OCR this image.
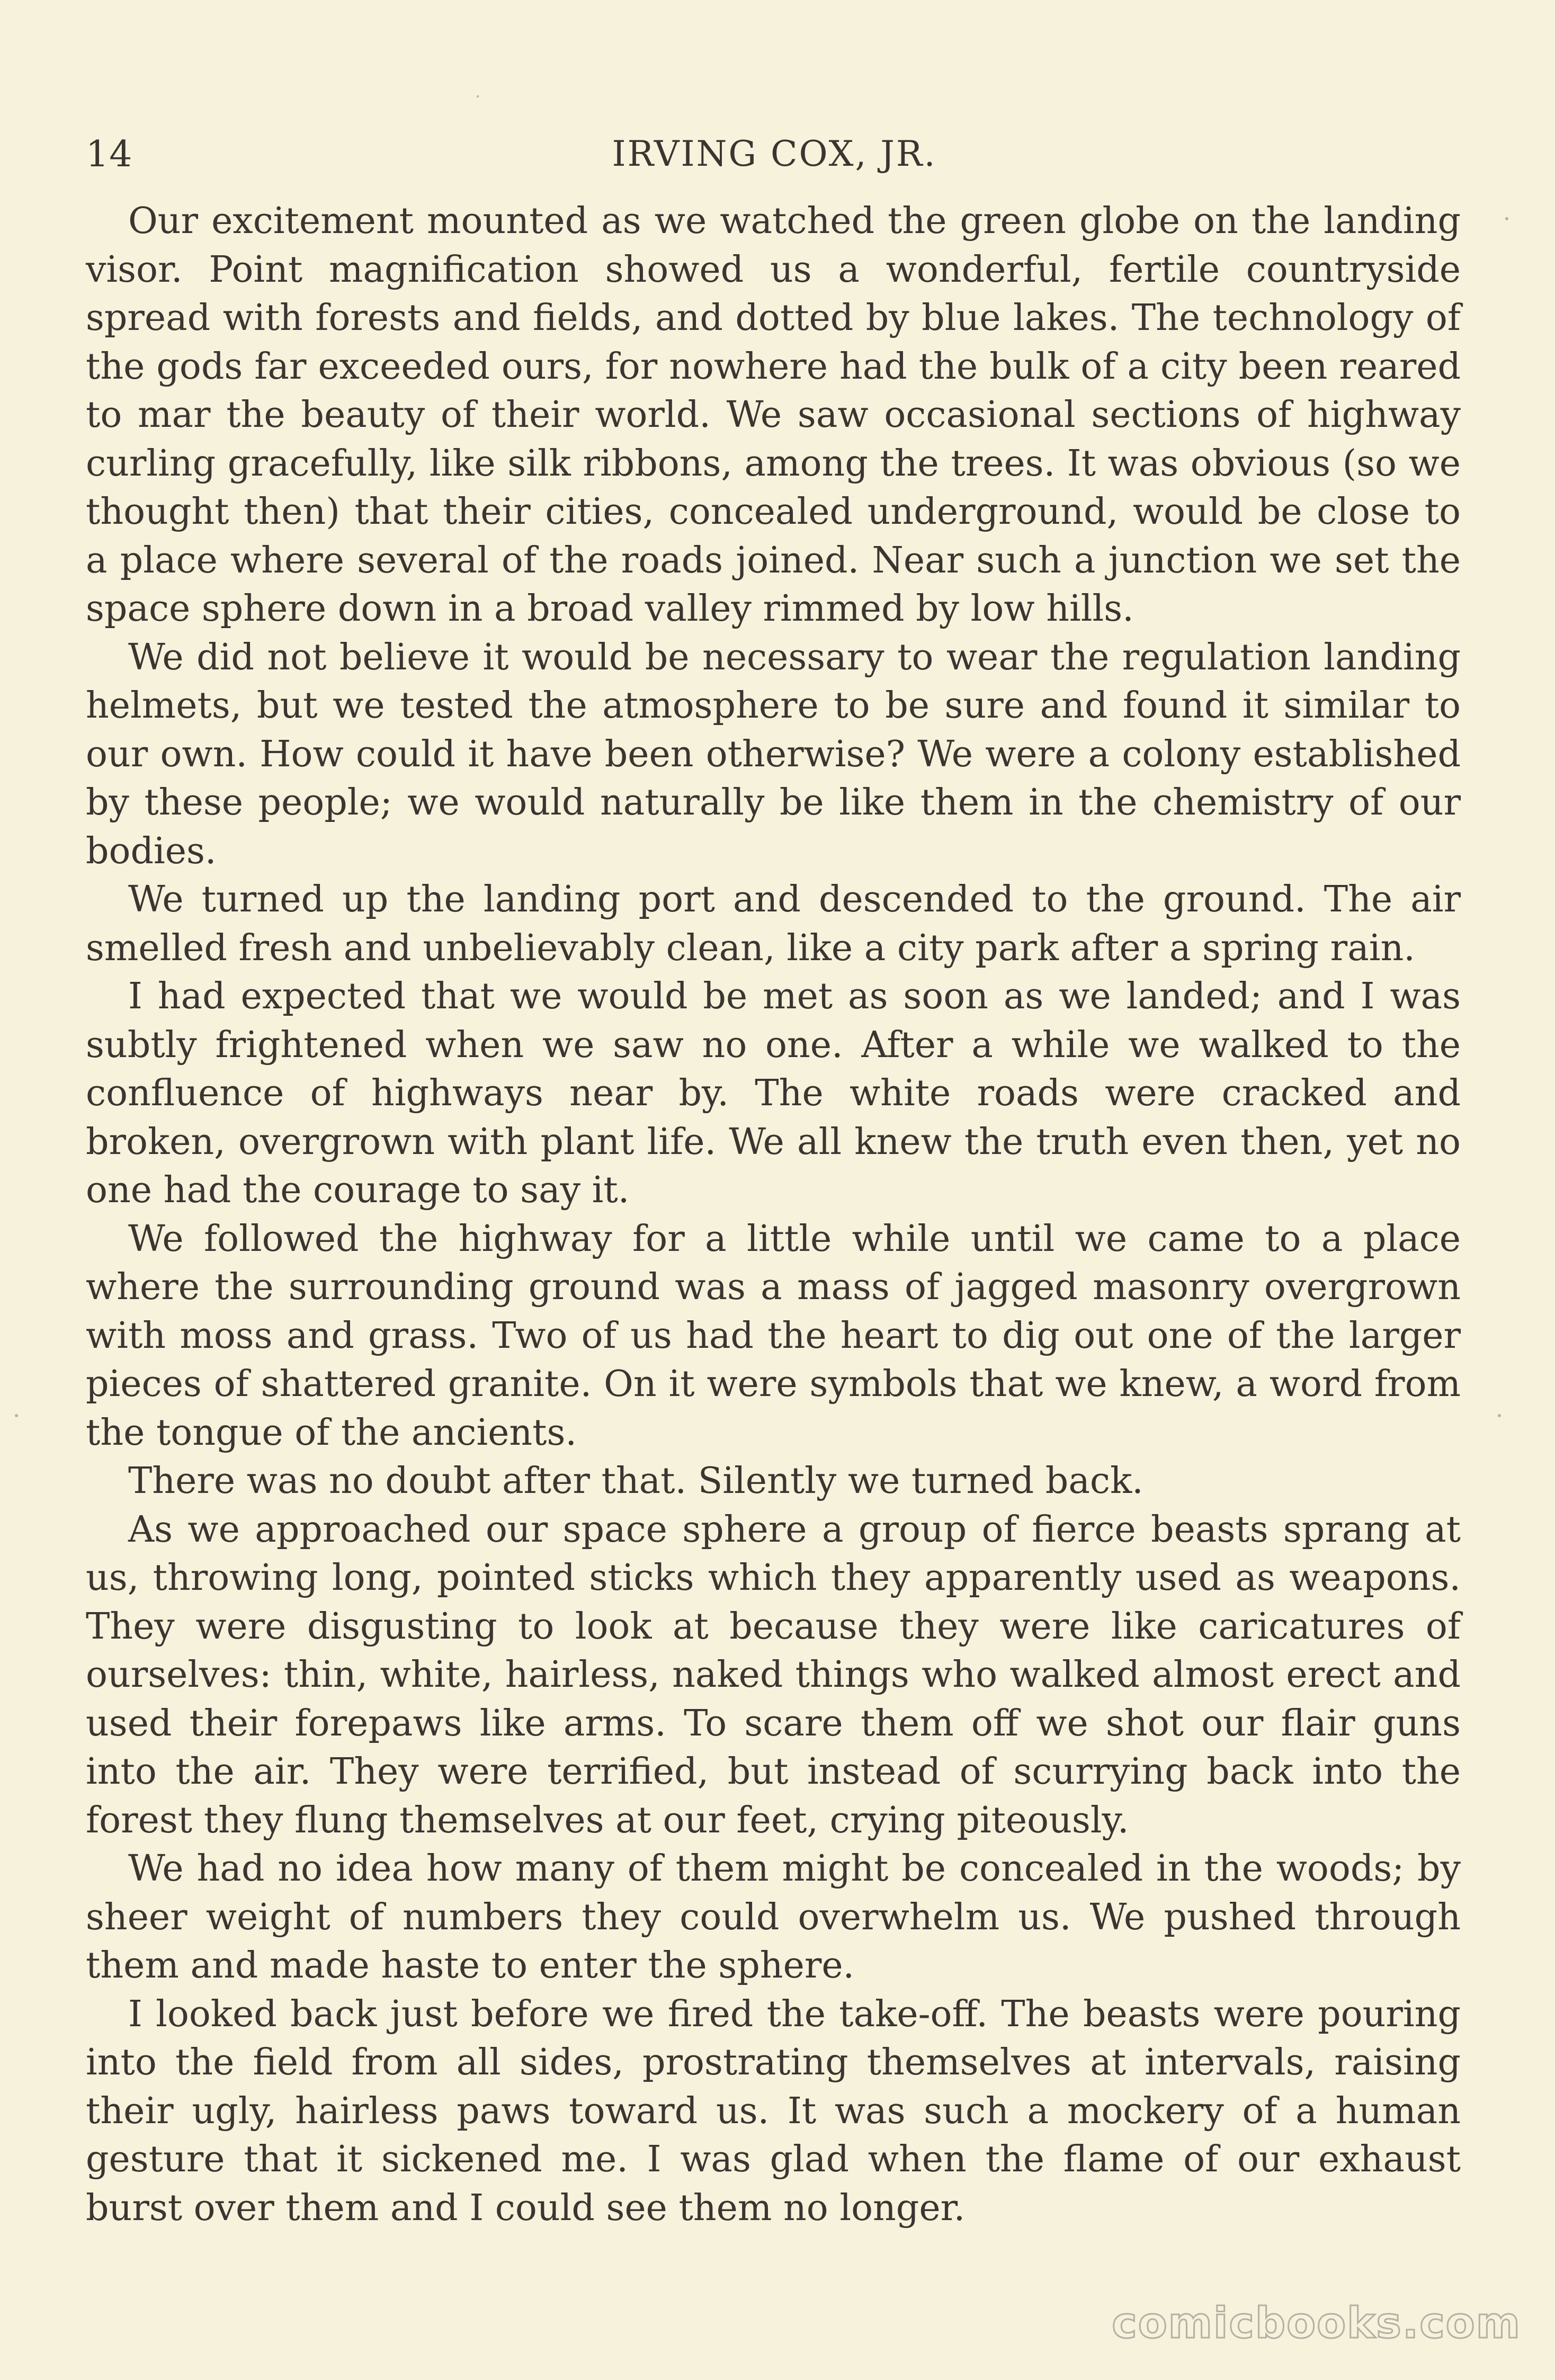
14	IRVING COX, JR.

Our excitement mounted as we watched the green globe on the landing visor. Point magnification showed us a wonderful, fertile countryside spread with forests and fields, and dotted by blue lakes. The technology of the gods far exceeded ours, for nowhere had the bulk of a city been reared to mar the beauty of their world. We saw occasional sections of highway curling gracefully, like silk ribbons, among the trees. It was obvious (so we thought then) that their cities, concealed underground, would be close to a place where several of the roads joined. Near such a junction we set the space sphere down in a broad valley rimmed by low hills.

We did not believe it would be necessary to wear the regulation landing helmets, but we tested the atmosphere to be sure and found it similar to our own. How could it have been otherwise? We were a colony established by these people; we would naturally be like them in the chemistry of our bodies.

We turned up the landing port and descended to the ground. The air smelled fresh and unbelievably clean, like a city park after a spring rain.

I had expected that we would be met as soon as we landed; and I was subtly frightened when we saw no one. After a while we walked to the confluence of highways near by. The white roads were cracked and broken, overgrown with plant life. We all knew the truth even then, yet no one had the courage to say it.

We followed the highway for a little while until we came to a place where the surrounding ground was a mass of jagged masonry overgrown with moss and grass. Two of us had the heart to dig out one of the larger pieces of shattered granite. On it were symbols that we knew, a word from the tongue of the ancients.

There was no doubt after that. Silently we turned back.

As we approached our space sphere a group of fierce beasts sprang at us, throwing long, pointed sticks which they apparently used as weapons. They were disgusting to look at because they were like caricatures of ourselves: thin, white, hairless, naked things who walked almost erect and used their forepaws like arms. To scare them off we shot our flair guns into the air. They were terrified, but instead of scurrying back into the forest they flung themselves at our feet, crying piteously.

We had no idea how many of them might be concealed in the woods; by sheer weight of numbers they could overwhelm us. We pushed through them and made haste to enter the sphere.

I looked back just before we fired the take-off. The beasts were pouring into the field from all sides, prostrating themselves at intervals, raising their ugly, hairless paws toward us. It was such a mockery of a human gesture that it sickened me. I was glad when the flame of our exhaust burst over them and I could see them no longer.

comicbooks.com
